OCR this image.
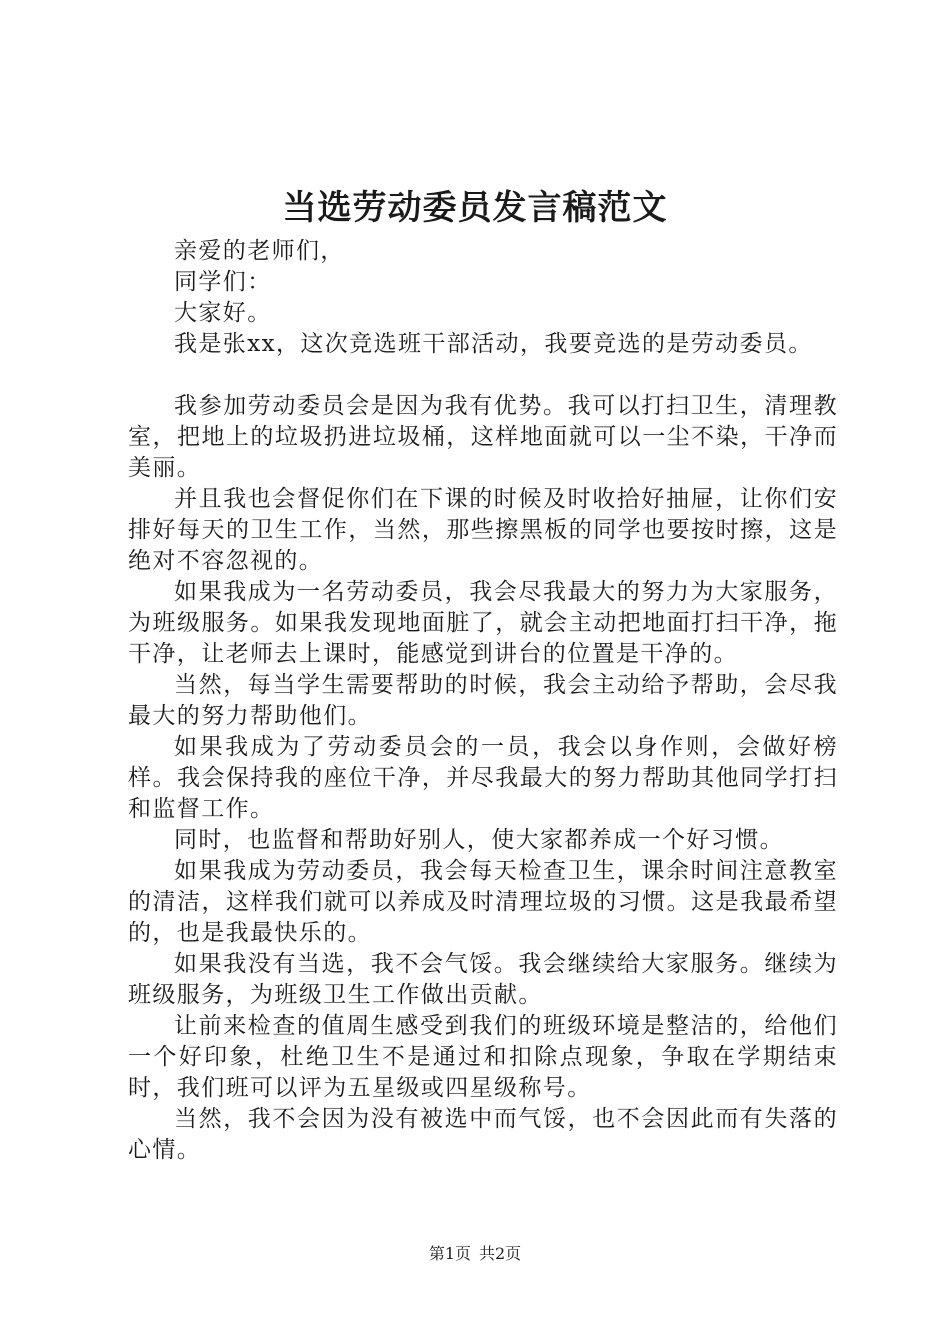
当选劳动委员发言稿范文

亲爱的老师们，

同学们：

大家好。

我是张xx，这次竞选班干部活动，我要竞选的是劳动委员。

我参加劳动委员会是因为我有优势。我可以打扫卫生，清理教室，把地上的垃圾扔进垃圾桶，这样地面就可以一尘不染，干净而美丽。

并且我也会督促你们在下课的时候及时收拾好抽屉，让你们安排好每天的卫生工作，当然，那些擦黑板的同学也要按时擦，这是绝对不容忽视的。

如果我成为一名劳动委员，我会尽我最大的努力为大家服务，为班级服务。如果我发现地面脏了，就会主动把地面打扫干净，拖干净，让老师去上课时，能感觉到讲台的位置是干净的。

当然，每当学生需要帮助的时候，我会主动给予帮助，会尽我最大的努力帮助他们。

如果我成为了劳动委员会的一员，我会以身作则，会做好榜样。我会保持我的座位干净，并尽我最大的努力帮助其他同学打扫和监督工作。

同时，也监督和帮助好别人，使大家都养成一个好习惯。

如果我成为劳动委员，我会每天检查卫生，课余时间注意教室的清洁，这样我们就可以养成及时清理垃圾的习惯。这是我最希望的，也是我最快乐的。

如果我没有当选，我不会气馁。我会继续给大家服务。继续为班级服务，为班级卫生工作做出贡献。

让前来检查的值周生感受到我们的班级环境是整洁的，给他们一个好印象，杜绝卫生不是通过和扣除点现象，争取在学期结束时，我们班可以评为五星级或四星级称号。

当然，我不会因为没有被选中而气馁，也不会因此而有失落的心情。

第1页 共2页
